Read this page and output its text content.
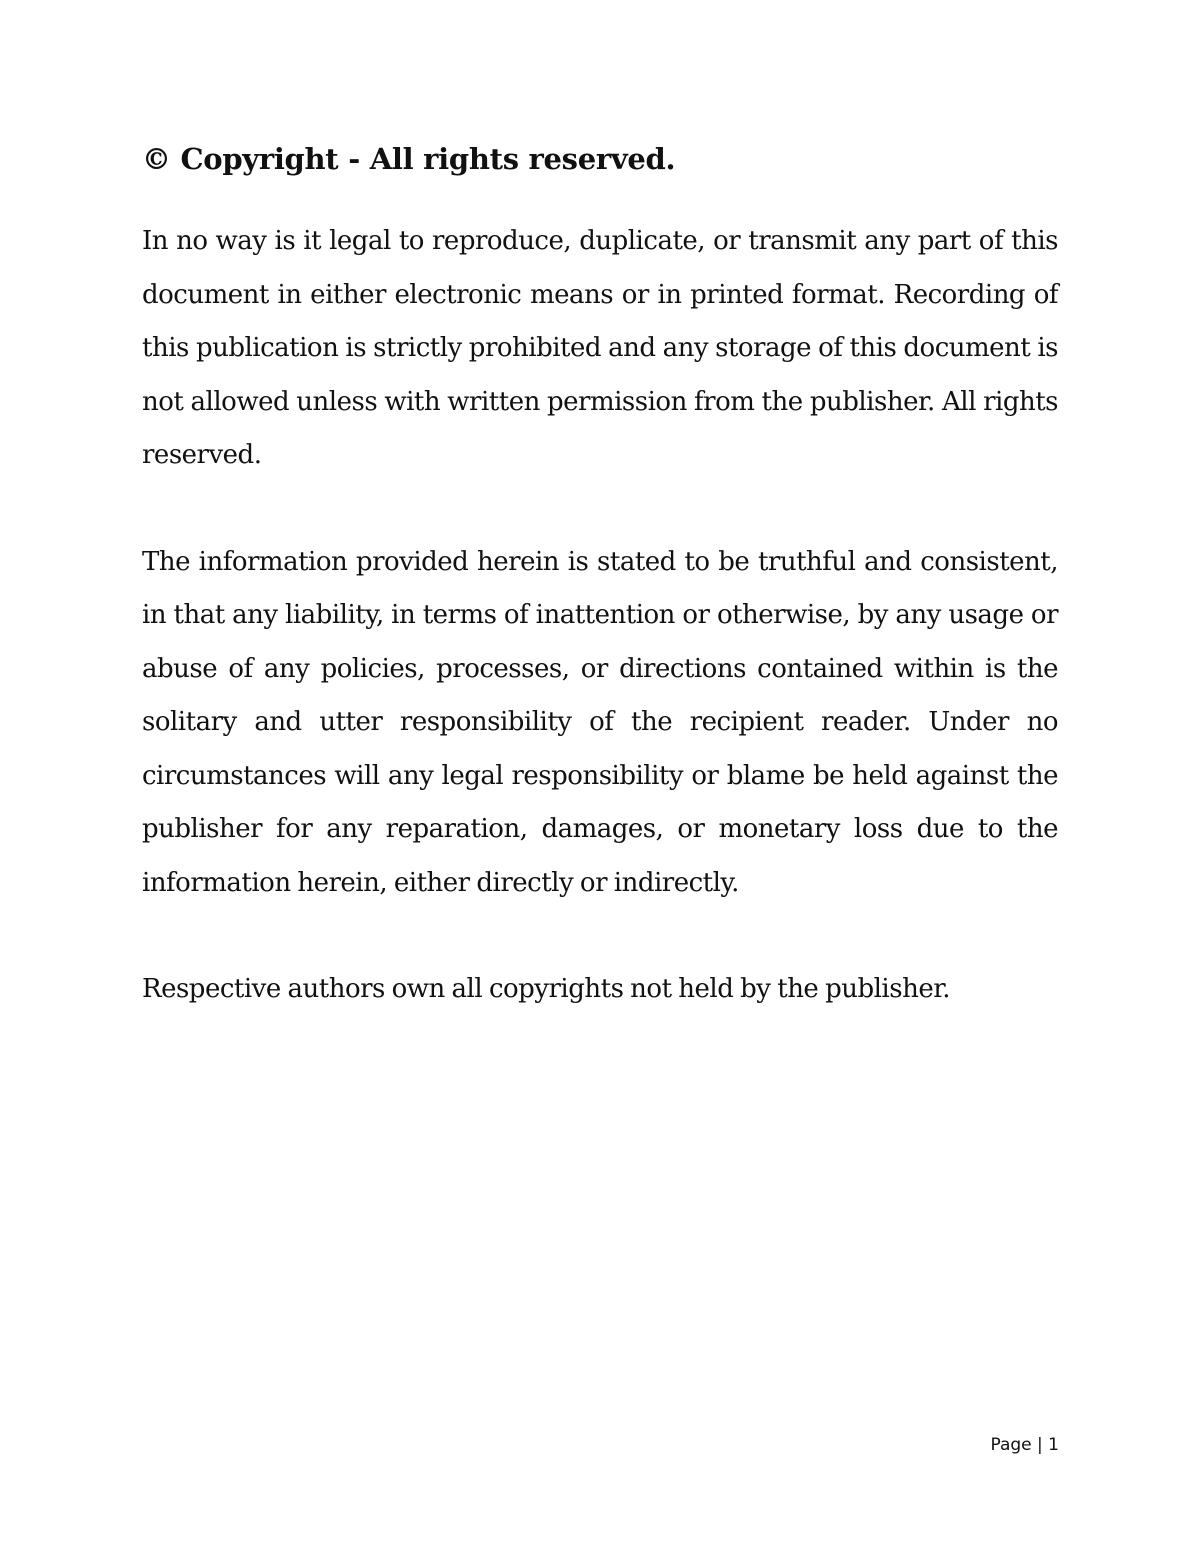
© Copyright - All rights reserved.

In no way is it legal to reproduce, duplicate, or transmit any part of this document in either electronic means or in printed format. Recording of this publication is strictly prohibited and any storage of this document is not allowed unless with written permission from the publisher. All rights reserved.

The information provided herein is stated to be truthful and consistent, in that any liability, in terms of inattention or otherwise, by any usage or abuse of any policies, processes, or directions contained within is the solitary and utter responsibility of the recipient reader. Under no circumstances will any legal responsibility or blame be held against the publisher for any reparation, damages, or monetary loss due to the information herein, either directly or indirectly.

Respective authors own all copyrights not held by the publisher.

Page | 1
